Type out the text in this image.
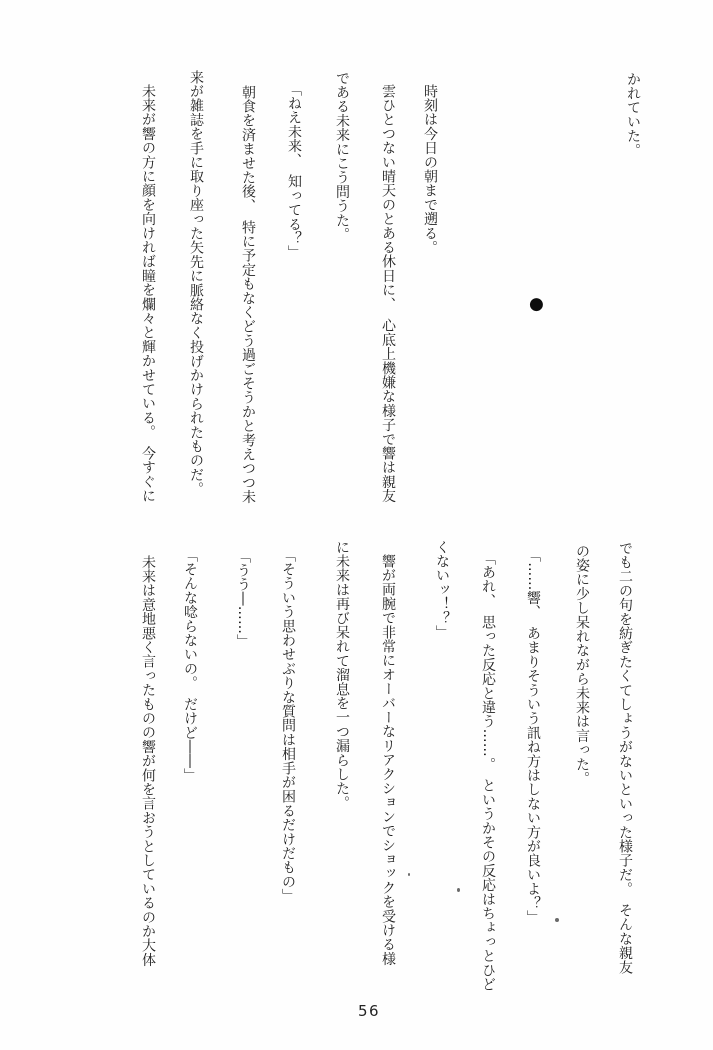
かれていた。
時刻は今日の朝まで遡る。
雲ひとつない晴天のとある休日に、　心底上機嫌な様子で響は親友
である未来にこう問うた。
「ねえ未来、　知ってる？」
朝食を済ませた後、　特に予定もなくどう過ごそうかと考えつつ未
来が雑誌を手に取り座った矢先に脈絡なく投げかけられたものだ。
未来が響の方に顔を向ければ瞳を爛々と輝かせている。　今すぐに	●
でも二の句を紡ぎたくてしょうがないといった様子だ。　そんな親友
の姿に少し呆れながら未来は言った。
「……響、　あまりそういう訊ね方はしない方が良いよ？」
「あれ、　思った反応と違う……。　というかその反応はちょっとひど
くないッ！？」
響が両腕で非常にオーバーなリアクションでショックを受ける様
に未来は再び呆れて溜息を一つ漏らした。
「そういう思わせぶりな質問は相手が困るだけだもの」
「うう―……」
「そんな唸らないの。　だけど――」
未来は意地悪く言ったものの響が何を言おうとしているのか大体
56
